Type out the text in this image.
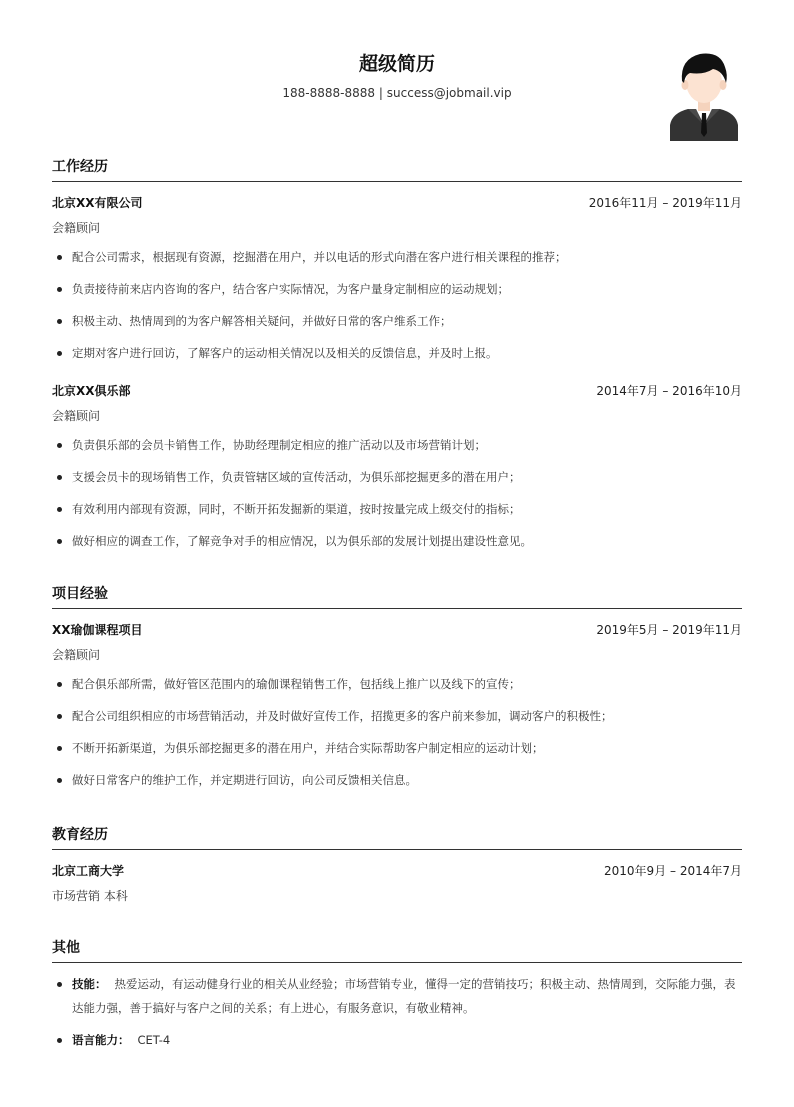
超级简历
188-8888-8888 | success@jobmail.vip
工作经历
北京XX有限公司	2016年11月 – 2019年11月
会籍顾问
配合公司需求，根据现有资源，挖掘潜在用户，并以电话的形式向潜在客户进行相关课程的推荐；
负责接待前来店内咨询的客户，结合客户实际情况，为客户量身定制相应的运动规划；
积极主动、热情周到的为客户解答相关疑问，并做好日常的客户维系工作；
定期对客户进行回访，了解客户的运动相关情况以及相关的反馈信息，并及时上报。
北京XX俱乐部	2014年7月 – 2016年10月
会籍顾问
负责俱乐部的会员卡销售工作，协助经理制定相应的推广活动以及市场营销计划；
支援会员卡的现场销售工作，负责管辖区域的宣传活动，为俱乐部挖掘更多的潜在用户；
有效利用内部现有资源，同时，不断开拓发掘新的渠道，按时按量完成上级交付的指标；
做好相应的调查工作，了解竞争对手的相应情况，以为俱乐部的发展计划提出建设性意见。
项目经验
XX瑜伽课程项目	2019年5月 – 2019年11月
会籍顾问
配合俱乐部所需，做好管区范围内的瑜伽课程销售工作，包括线上推广以及线下的宣传；
配合公司组织相应的市场营销活动，并及时做好宣传工作，招揽更多的客户前来参加，调动客户的积极性；
不断开拓新渠道，为俱乐部挖掘更多的潜在用户，并结合实际帮助客户制定相应的运动计划；
做好日常客户的维护工作，并定期进行回访，向公司反馈相关信息。
教育经历
北京工商大学	2010年9月 – 2014年7月
市场营销 本科
其他
技能： 热爱运动，有运动健身行业的相关从业经验；市场营销专业，懂得一定的营销技巧；积极主动、热情周到，交际能力强，表达能力强，善于搞好与客户之间的关系；有上进心，有服务意识，有敬业精神。
语言能力： CET-4
